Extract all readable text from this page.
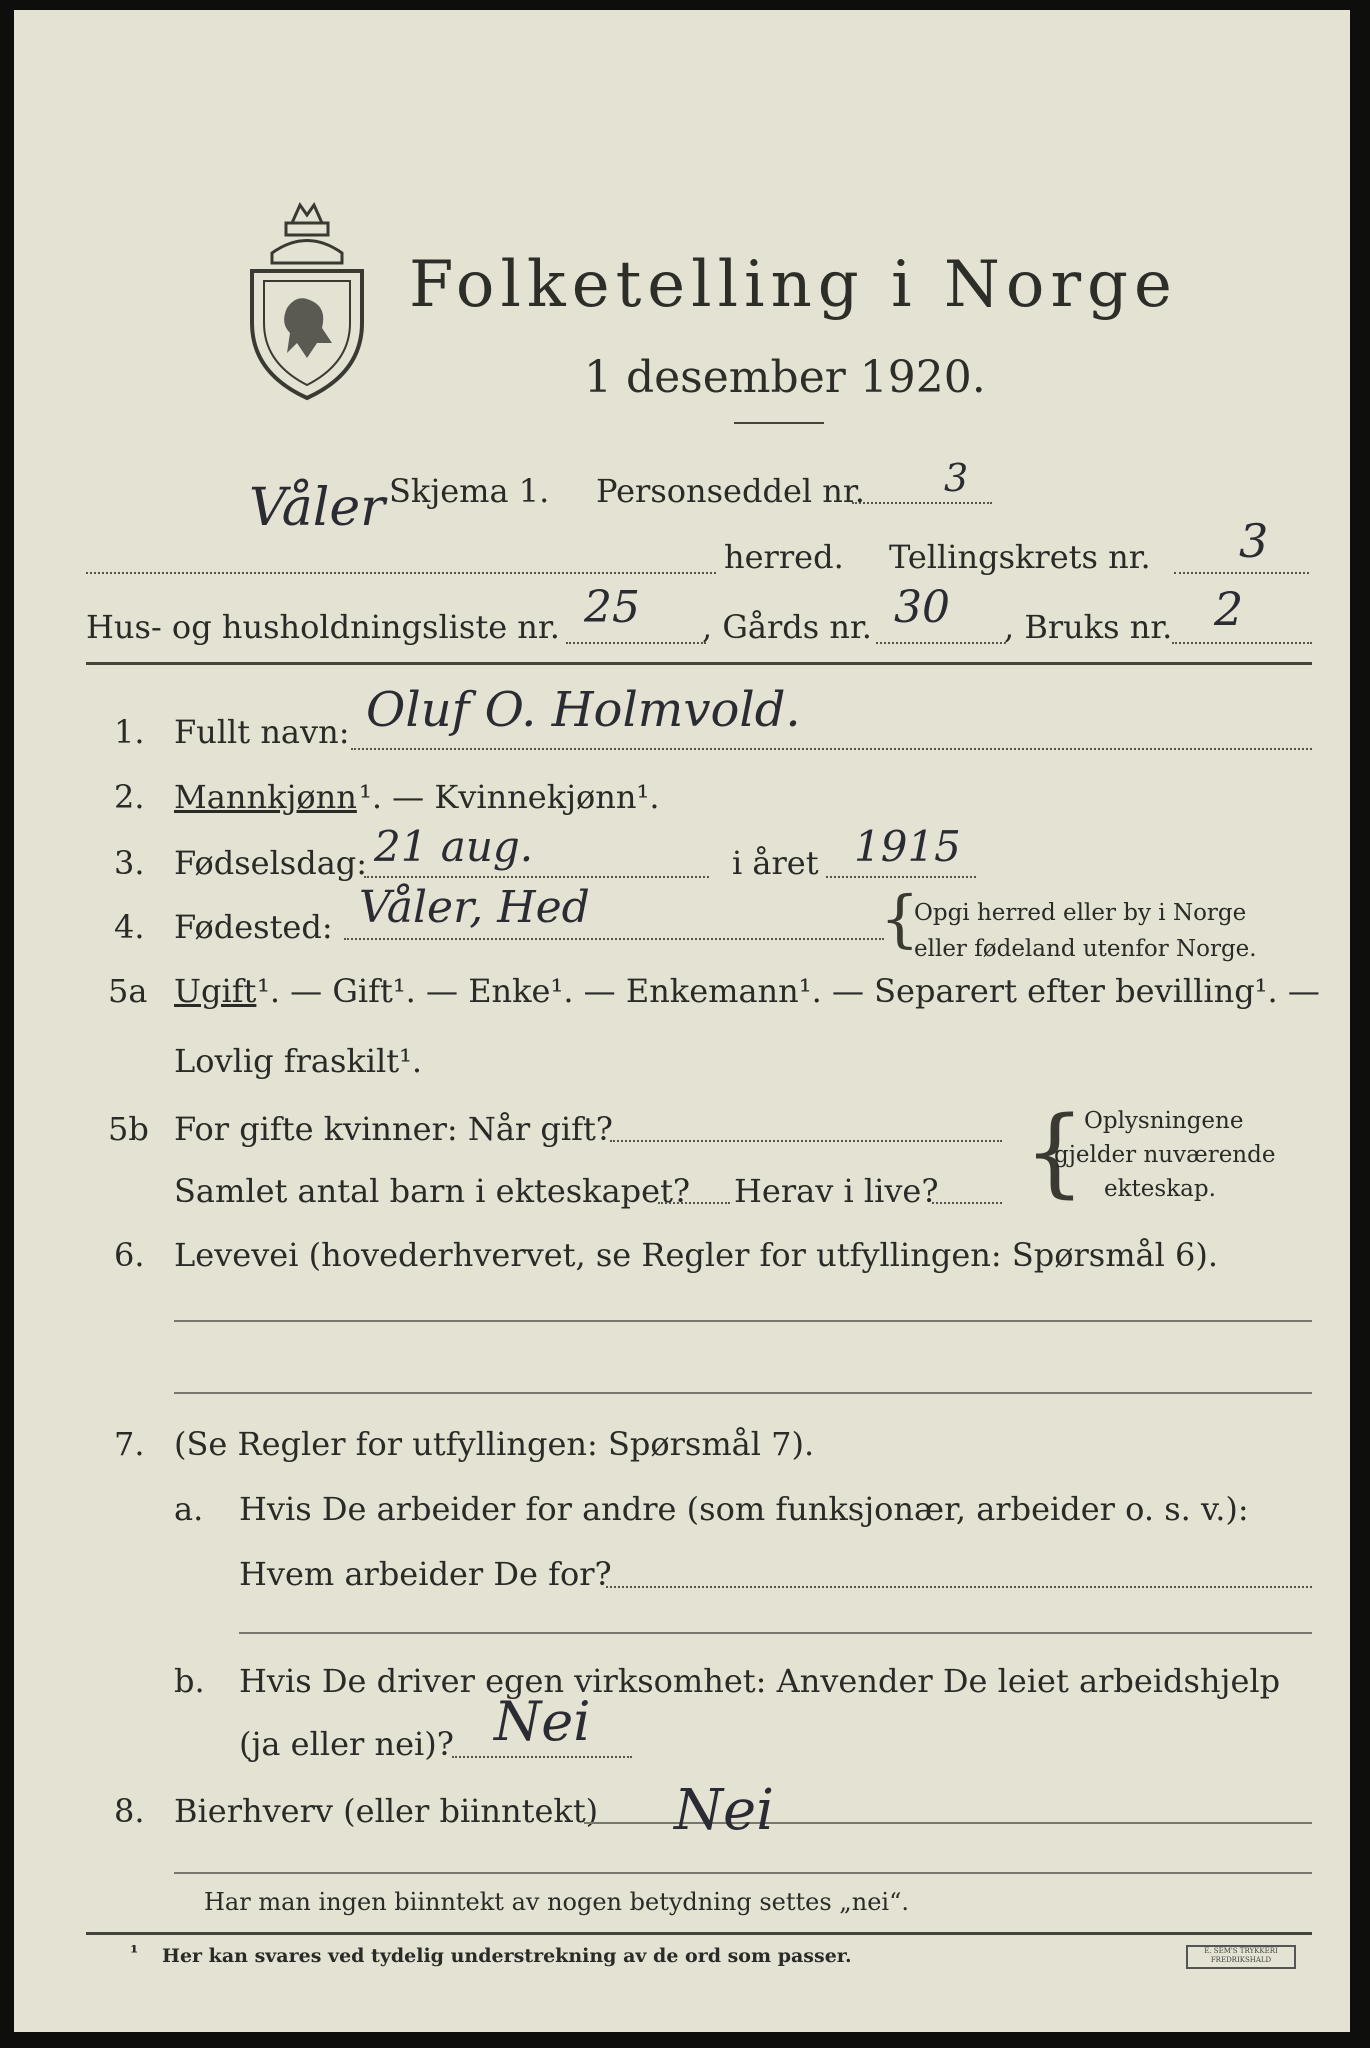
Folketelling i Norge
1 desember 1920.
Skjema 1. Personseddel nr. 3
Våler
herred. Tellingskrets nr. 3
Hus- og husholdningsliste nr. 25 , Gårds nr. 30 , Bruks nr. 2
1. Fullt navn: Oluf O. Holmvold.
2. Mannkjønn ¹. — Kvinnekjønn¹.
3. Fødselsdag: 21 aug.	i året 1915
4. Fødested: Våler, Hed	{
Opgi herred eller by i Norge
eller fødeland utenfor Norge.
5a Ugift ¹. — Gift¹. — Enke¹. — Enkemann¹. — Separert efter bevilling¹. —
Lovlig fraskilt¹.
5b For gifte kvinner: Når gift?
Samlet antal barn i ekteskapet? Herav i live? {
Oplysningene
gjelder nuværende
ekteskap.
6. Levevei (hovederhvervet, se Regler for utfyllingen: Spørsmål 6).
7. (Se Regler for utfyllingen: Spørsmål 7).
a. Hvis De arbeider for andre (som funksjonær, arbeider o. s. v.):
Hvem arbeider De for?
b. Hvis De driver egen virksomhet: Anvender De leiet arbeidshjelp
(ja eller nei)? Nei
8. Bierhverv (eller biinntekt) Nei
Har man ingen biinntekt av nogen betydning settes „nei“.
¹ Her kan svares ved tydelig understrekning av de ord som passer.	E. SEM'S TRYKKERI
FREDRIKSHALD
